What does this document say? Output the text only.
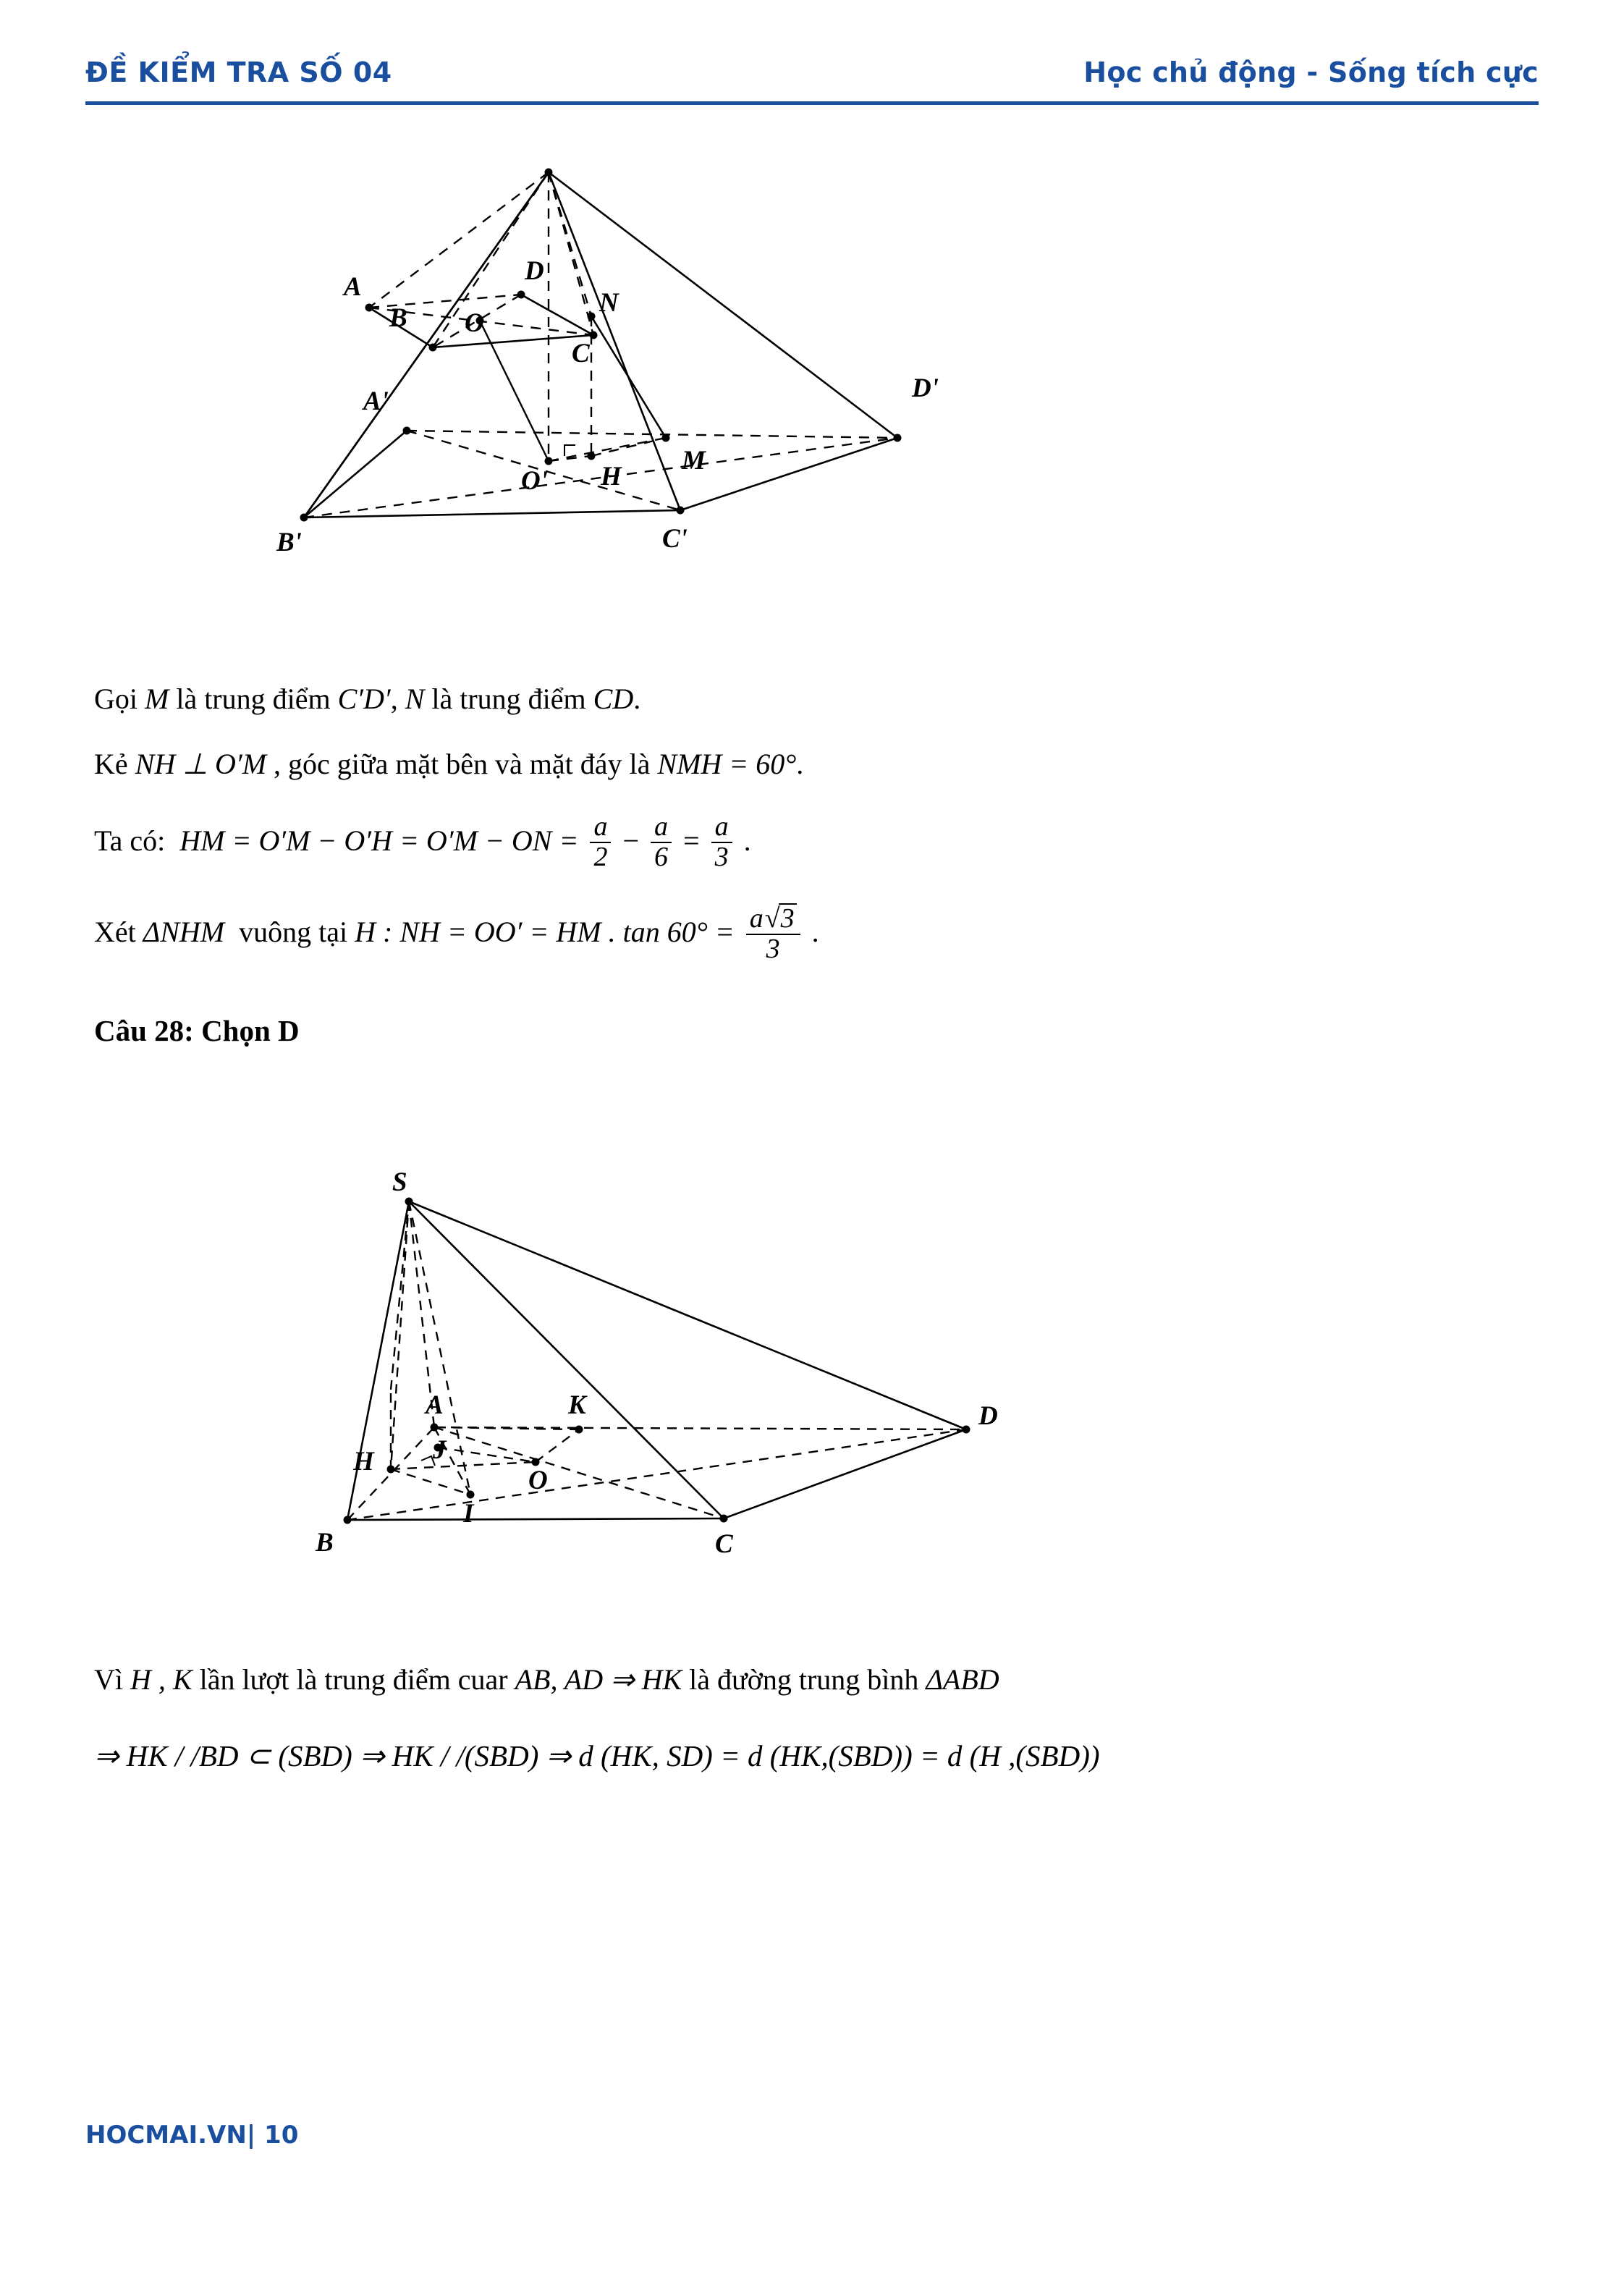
ĐỀ KIỂM TRA SỐ 04	Học chủ động - Sống tích cực
A
D
B O
N
C
A'	D'
O' H
M
B'	C'
Gọi M là trung điểm C′D′, N là trung điểm CD.
Kẻ NH ⊥ O′M , góc giữa mặt bên và mặt đáy là NMH = 60°.
Ta có: HM = O′M − O′H = O′M − ON = $\frac{a}{2} - \frac{a}{6} = \frac{a}{3}$ .
Xét ΔNHM vuông tại H : NH = OO′ = HM . $\tan 60^\circ = \frac{a√3}{3}$ .
Câu 28: Chọn D
S
A	K	D
J
H
O
I
B	C
Vì H , K lần lượt là trung điểm cuar AB, AD ⇒ HK là đường trung bình ΔABD
⇒ HK / /BD ⊂ (SBD) ⇒ HK / /(SBD) ⇒ d (HK, SD) = d (HK,(SBD)) = d (H ,(SBD))
HOCMAI.VN| 10
